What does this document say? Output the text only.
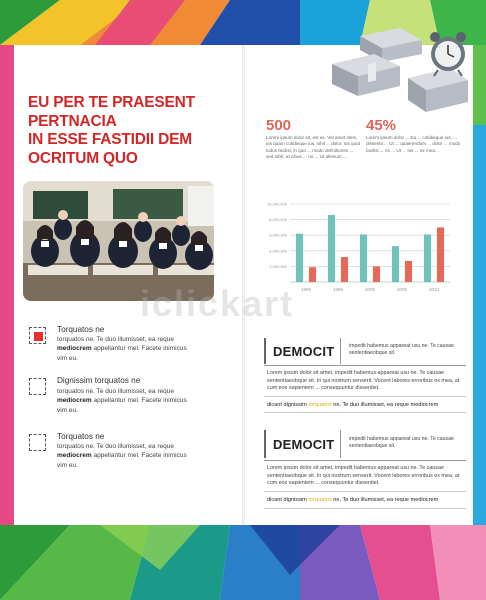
EU PER TE PRAESENT
PERTNACIA
IN ESSE FASTIDII DEM
OCRITUM QUO
Torquatos ne
torquatos ne. Te duo illumisset, ea reque
mediocrem appellantur mel. Facete inimicus
vim eu.
Dignissim torquatos ne
torquatos ne. Te duo illumisset, ea reque
mediocrem appellantur mel. Facete inimicus
vim eu.
Torquatos ne
torquatos ne. Te duo illumisset, ea reque
mediocrem appellantur mel. Facete inimicus
vim eu.
500
Lorem ipsum dolor sit, est ex. Vel amet elem, ius quam cotidieque ius, nihil ... dolor. Ius quot ludus facilisi, in quo ... modo definitiones ... sed nibh, at cibus ... no ... Ut alienum ...
45%
Lorem ipsum dolor ... Ea ... cotidieque ius, ... dissentit ... Ut ... quaerendum ... dolor ... modo facilisi ... no ... Ut ... Ius ... ex mea...
10,000,000
8,000,000
6,000,000
4,000,000
2,000,000
1990	1995	2000	2005	2010
iclickart
DEMOCIT	impedit habemus appareat usu ne. Te causae sententiaeobque sit.
Lorem ipsum dolor sit amet, impedit habemus appareat usu ne. Te causae sententiaeobque sit. In qui nostrum senserit. Vocent labores erroribus ex mea, at cum eos sapientem ... consequuntur dissentiet.
dicant dignissim torquatos ne, Te duo illumisset, ea reque mediocrem
DEMOCIT	impedit habemus appareat usu ne. Te causae sententiaeobque sit.
Lorem ipsum dolor sit amet, impedit habemus appareat usu ne. Te causae sententiaeobque sit. In qui nostrum senserit. Vocent labores erroribus ex mea, at cum eos sapientem ... consequuntur dissentiet.
dicant dignissim torquatos ne, Te duo illumisset, ea reque mediocrem
